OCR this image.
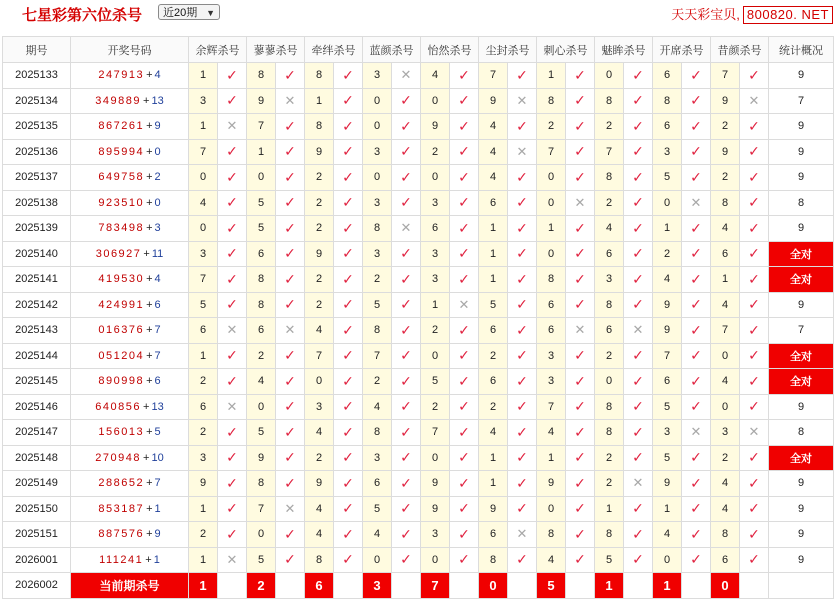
七星彩第六位杀号	近20期 ▼	天天彩宝贝, 800820. NET
期号	开奖号码	余辉杀号		蓼蓼杀号		牵绊杀号		蓝颜杀号		怡然杀号		尘封杀号		刺心杀号		魅眸杀号		开席杀号		昔颜杀号		统计概况
2025133	247913 + 4	1	✓	8	✓	8	✓	3	✕	4	✓	7	✓	1	✓	0	✓	6	✓	7	✓	9
2025134	349889 + 13	3	✓	9	✕	1	✓	0	✓	0	✓	9	✕	8	✓	8	✓	8	✓	9	✕	7
2025135	867261 + 9	1	✕	7	✓	8	✓	0	✓	9	✓	4	✓	2	✓	2	✓	6	✓	2	✓	9
2025136	895994 + 0	7	✓	1	✓	9	✓	3	✓	2	✓	4	✕	7	✓	7	✓	3	✓	9	✓	9
2025137	649758 + 2	0	✓	0	✓	2	✓	0	✓	0	✓	4	✓	0	✓	8	✓	5	✓	2	✓	9
2025138	923510 + 0	4	✓	5	✓	2	✓	3	✓	3	✓	6	✓	0	✕	2	✓	0	✕	8	✓	8
2025139	783498 + 3	0	✓	5	✓	2	✓	8	✕	6	✓	1	✓	1	✓	4	✓	1	✓	4	✓	9
2025140	306927 + 11	3	✓	6	✓	9	✓	3	✓	3	✓	1	✓	0	✓	6	✓	2	✓	6	✓	全对
2025141	419530 + 4	7	✓	8	✓	2	✓	2	✓	3	✓	1	✓	8	✓	3	✓	4	✓	1	✓	全对
2025142	424991 + 6	5	✓	8	✓	2	✓	5	✓	1	✕	5	✓	6	✓	8	✓	9	✓	4	✓	9
2025143	016376 + 7	6	✕	6	✕	4	✓	8	✓	2	✓	6	✓	6	✕	6	✕	9	✓	7	✓	7
2025144	051204 + 7	1	✓	2	✓	7	✓	7	✓	0	✓	2	✓	3	✓	2	✓	7	✓	0	✓	全对
2025145	890998 + 6	2	✓	4	✓	0	✓	2	✓	5	✓	6	✓	3	✓	0	✓	6	✓	4	✓	全对
2025146	640856 + 13	6	✕	0	✓	3	✓	4	✓	2	✓	2	✓	7	✓	8	✓	5	✓	0	✓	9
2025147	156013 + 5	2	✓	5	✓	4	✓	8	✓	7	✓	4	✓	4	✓	8	✓	3	✕	3	✕	8
2025148	270948 + 10	3	✓	9	✓	2	✓	3	✓	0	✓	1	✓	1	✓	2	✓	5	✓	2	✓	全对
2025149	288652 + 7	9	✓	8	✓	9	✓	6	✓	9	✓	1	✓	9	✓	2	✕	9	✓	4	✓	9
2025150	853187 + 1	1	✓	7	✕	4	✓	5	✓	9	✓	9	✓	0	✓	1	✓	1	✓	4	✓	9
2025151	887576 + 9	2	✓	0	✓	4	✓	4	✓	3	✓	6	✕	8	✓	8	✓	4	✓	8	✓	9
2026001	111241 + 1	1	✕	5	✓	8	✓	0	✓	0	✓	8	✓	4	✓	5	✓	0	✓	6	✓	9
2026002	当前期杀号	1		2		6		3		7		0		5		1		1		0		
